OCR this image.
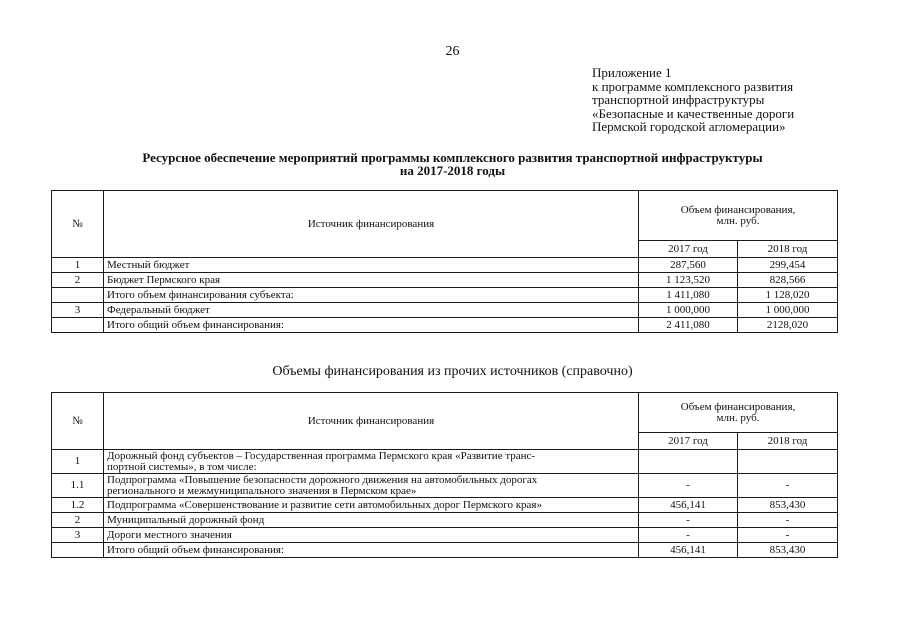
26
Приложение 1
к программе комплексного развития
транспортной инфраструктуры
«Безопасные и качественные дороги
Пермской городской агломерации»
Ресурсное обеспечение мероприятий программы комплексного развития транспортной инфраструктуры
на 2017-2018 годы
№	Источник финансирования	Объем финансирования,
млн. руб.	

		2017 год	2018 год
1	Местный бюджет	287,560	299,454
2	Бюджет Пермского края	1 123,520	828,566
	Итого объем финансирования субъекта:	1 411,080	1 128,020
3	Федеральный бюджет	1 000,000	1 000,000
	Итого общий объем финансирования:	2 411,080	2128,020
Объемы финансирования из прочих источников (справочно)
№	Источник финансирования	Объем финансирования,
млн. руб.	

		2017 год	2018 год
1	Дорожный фонд субъектов – Государственная программа Пермского края «Развитие транс-
портной системы», в том числе:		

1.1	Подпрограмма «Повышение безопасности дорожного движения на автомобильных дорогах
регионального и межмуниципального значения в Пермском крае»	-	-
1.2	Подпрограмма «Совершенствование и развитие сети автомобильных дорог Пермского края»	456,141	853,430
2	Муниципальный дорожный фонд	-	-
3	Дороги местного значения	-	-
	Итого общий объем финансирования:	456,141	853,430
